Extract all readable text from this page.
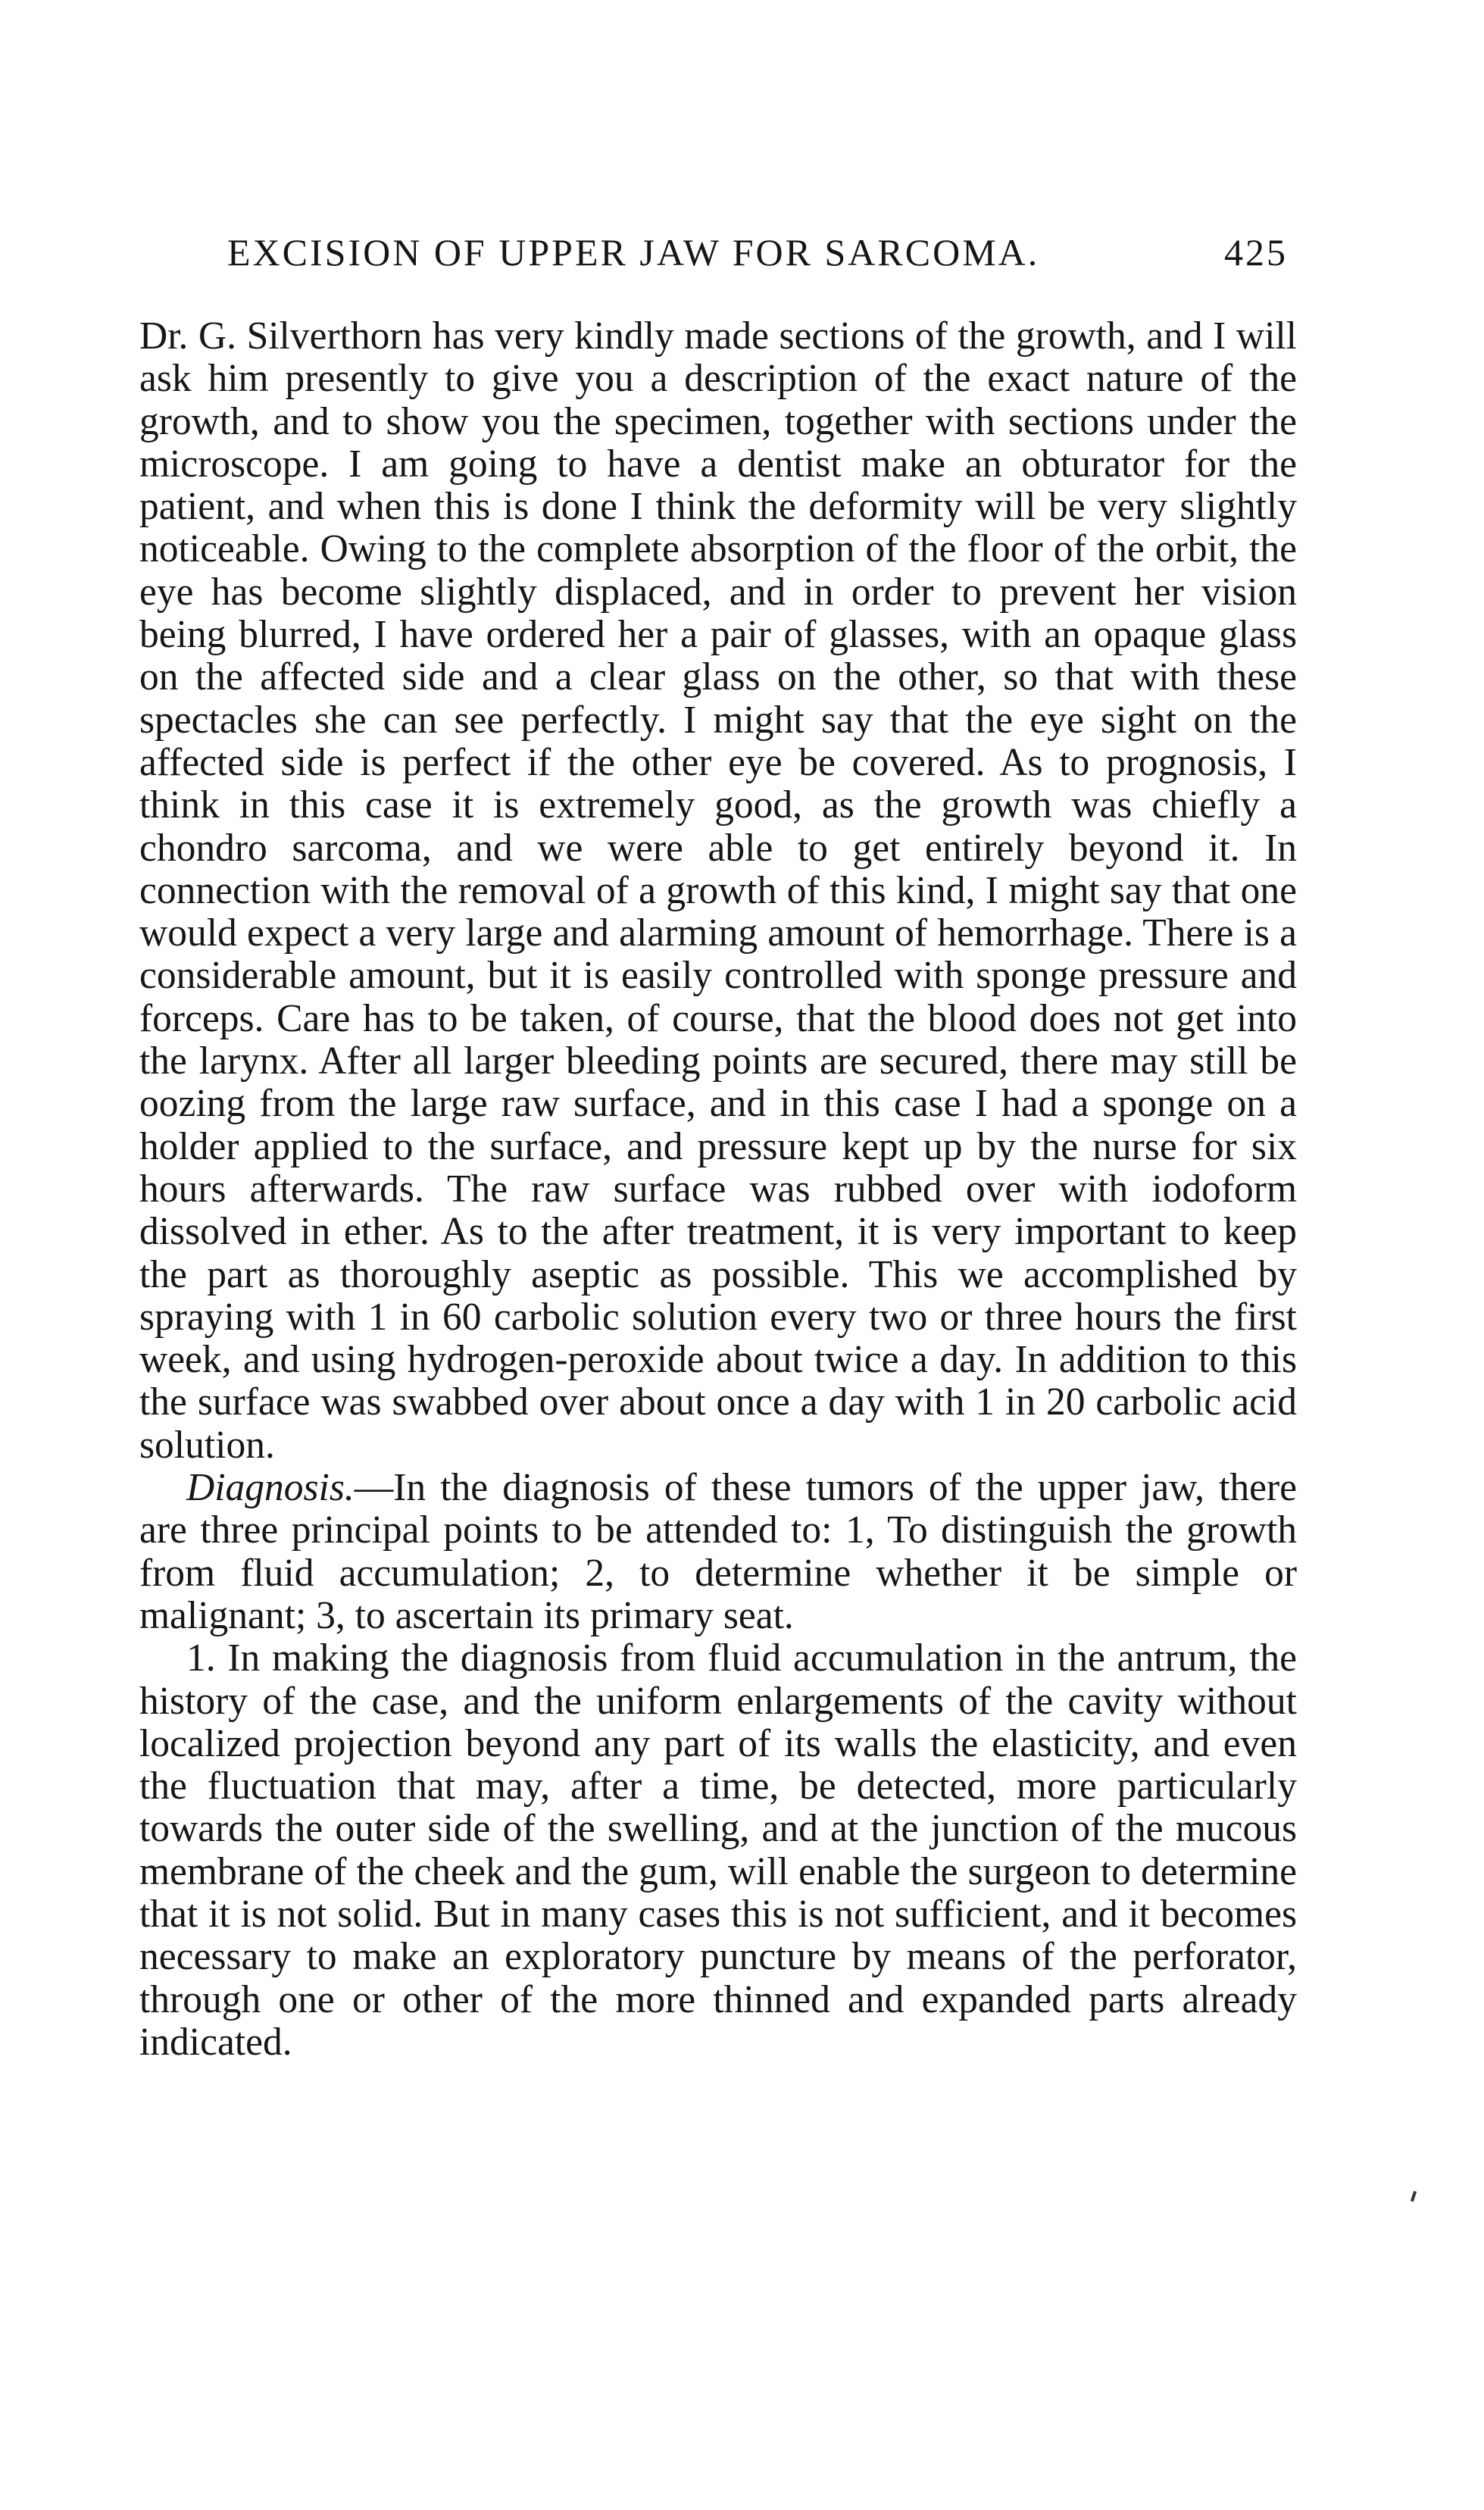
EXCISION OF UPPER JAW FOR SARCOMA.	425

Dr. G. Silverthorn has very kindly made sections of the growth, and I will ask him presently to give you a description of the exact nature of the growth, and to show you the specimen, together with sections under the microscope. I am going to have a dentist make an obturator for the patient, and when this is done I think the deformity will be very slightly noticeable. Owing to the complete absorption of the floor of the orbit, the eye has become slightly displaced, and in order to prevent her vision being blurred, I have ordered her a pair of glasses, with an opaque glass on the affected side and a clear glass on the other, so that with these spectacles she can see perfectly. I might say that the eye sight on the affected side is perfect if the other eye be covered. As to prognosis, I think in this case it is extremely good, as the growth was chiefly a chondro sarcoma, and we were able to get entirely beyond it. In connection with the removal of a growth of this kind, I might say that one would expect a very large and alarming amount of hemorrhage. There is a considerable amount, but it is easily controlled with sponge pressure and forceps. Care has to be taken, of course, that the blood does not get into the larynx. After all larger bleeding points are secured, there may still be oozing from the large raw surface, and in this case I had a sponge on a holder applied to the surface, and pressure kept up by the nurse for six hours afterwards. The raw surface was rubbed over with iodoform dissolved in ether. As to the after treatment, it is very important to keep the part as thoroughly aseptic as possible. This we accomplished by spraying with 1 in 60 carbolic solution every two or three hours the first week, and using hydrogen-peroxide about twice a day. In addition to this the surface was swabbed over about once a day with 1 in 20 carbolic acid solution.

Diagnosis.—In the diagnosis of these tumors of the upper jaw, there are three principal points to be attended to: 1, To distinguish the growth from fluid accumulation; 2, to determine whether it be simple or malignant; 3, to ascertain its primary seat.

1. In making the diagnosis from fluid accumulation in the antrum, the history of the case, and the uniform enlargements of the cavity without localized projection beyond any part of its walls the elasticity, and even the fluctuation that may, after a time, be detected, more particularly towards the outer side of the swelling, and at the junction of the mucous membrane of the cheek and the gum, will enable the surgeon to determine that it is not solid. But in many cases this is not sufficient, and it becomes necessary to make an exploratory puncture by means of the perforator, through one or other of the more thinned and expanded parts already indicated.
